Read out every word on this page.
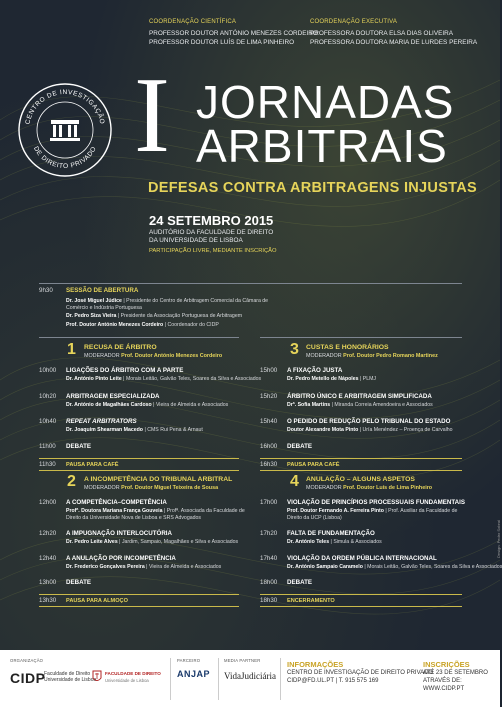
COORDENAÇÃO CIENTÍFICA
PROFESSOR DOUTOR ANTÓNIO MENEZES CORDEIRO
PROFESSOR DOUTOR LUÍS DE LIMA PINHEIRO
COORDENAÇÃO EXECUTIVA
PROFESSORA DOUTORA ELSA DIAS OLIVEIRA
PROFESSORA DOUTORA MARIA DE LURDES PEREIRA
CENTRO DE INVESTIGAÇÃO
DE DIREITO PRIVADO I JORNADAS
ARBITRAIS
DEFESAS CONTRA ARBITRAGENS INJUSTAS
24 SETEMBRO 2015
AUDITÓRIO DA FACULDADE DE DIREITO
DA UNIVERSIDADE DE LISBOA
PARTICIPAÇÃO LIVRE, MEDIANTE INSCRIÇÃO
9h30 SESSÃO DE ABERTURA
Dr. José Miguel Júdice | Presidente do Centro de Arbitragem Comercial da Câmara de
Comércio e Indústria Portuguesa
Dr. Pedro Siza Vieira | Presidente da Associação Portuguesa de Arbitragem
Prof. Doutor António Menezes Cordeiro | Coordenador do CIDP
1 RECUSA DE ÁRBITRO
MODERADOR Prof. Doutor António Menezes Cordeiro
10h00 LIGAÇÕES DO ÁRBITRO COM A PARTE
Dr. António Pinto Leite | Morais Leitão, Galvão Teles, Soares da Silva e Associados
10h20 ARBITRAGEM ESPECIALIZADA
Dr. António de Magalhães Cardoso | Vieira de Almeida e Associados
10h40 REPEAT ARBITRATORS
Dr. Joaquim Shearman Macedo | CMS Rui Pena & Arnaut
11h00 DEBATE
11h30 PAUSA PARA CAFÉ
2 A INCOMPETÊNCIA DO TRIBUNAL ARBITRAL
MODERADOR Prof. Doutor Miguel Teixeira de Sousa
12h00 A COMPETÊNCIA–COMPETÊNCIA
Profª. Doutora Mariana França Gouveia | Profª. Associada da Faculdade de Direito da Universidade Nova de Lisboa e SRS Advogados
12h20 A IMPUGNAÇÃO INTERLOCUTÓRIA
Dr. Pedro Leite Alves | Jardim, Sampaio, Magalhães e Silva e Associados
12h40 A ANULAÇÃO POR INCOMPETÊNCIA
Dr. Frederico Gonçalves Pereira | Vieira de Almeida e Associados
13h00 DEBATE
13h30 PAUSA PARA ALMOÇO
3 CUSTAS E HONORÁRIOS
MODERADOR Prof. Doutor Pedro Romano Martinez
15h00 A FIXAÇÃO JUSTA
Dr. Pedro Metello de Nápoles | PLMJ
15h20 ÁRBITRO ÚNICO E ARBITRAGEM SIMPLIFICADA
Drª. Sofia Martins | Miranda Correia Amendoeira e Associados
15h40 O PEDIDO DE REDUÇÃO PELO TRIBUNAL DO ESTADO
Doutor Alexandre Mota Pinto | Uría Menéndez – Proença de Carvalho
16h00 DEBATE
16h30 PAUSA PARA CAFÉ
4 ANULAÇÃO – ALGUNS ASPETOS
MODERADOR Prof. Doutor Luís de Lima Pinheiro
17h00 VIOLAÇÃO DE PRINCÍPIOS PROCESSUAIS FUNDAMENTAIS
Prof. Doutor Fernando A. Ferreira Pinto | Prof. Auxiliar da Faculdade de Direito da UCP (Lisboa)
17h20 FALTA DE FUNDAMENTAÇÃO
Dr. António Teles | Simula & Associados
17h40 VIOLAÇÃO DA ORDEM PÚBLICA INTERNACIONAL
Dr. António Sampaio Caramelo | Morais Leitão, Galvão Teles, Soares da Silva e Associados
18h00 DEBATE
18h30 ENCERRAMENTO
Design: Pedro Sobral
ORGANIZAÇÃO
CIDP
Faculdade de Direito
Universidade de Lisboa
FACULDADE DE DIREITO
Universidade de Lisboa
PARCEIRO
ANJAP
MEDIA PARTNER
VidaJudiciária
INFORMAÇÕES
CENTRO DE INVESTIGAÇÃO DE DIREITO PRIVADO
CIDP@FD.UL.PT | T. 915 575 169
INSCRIÇÕES
ATÉ 23 DE SETEMBRO
ATRAVÉS DE: WWW.CIDP.PT
